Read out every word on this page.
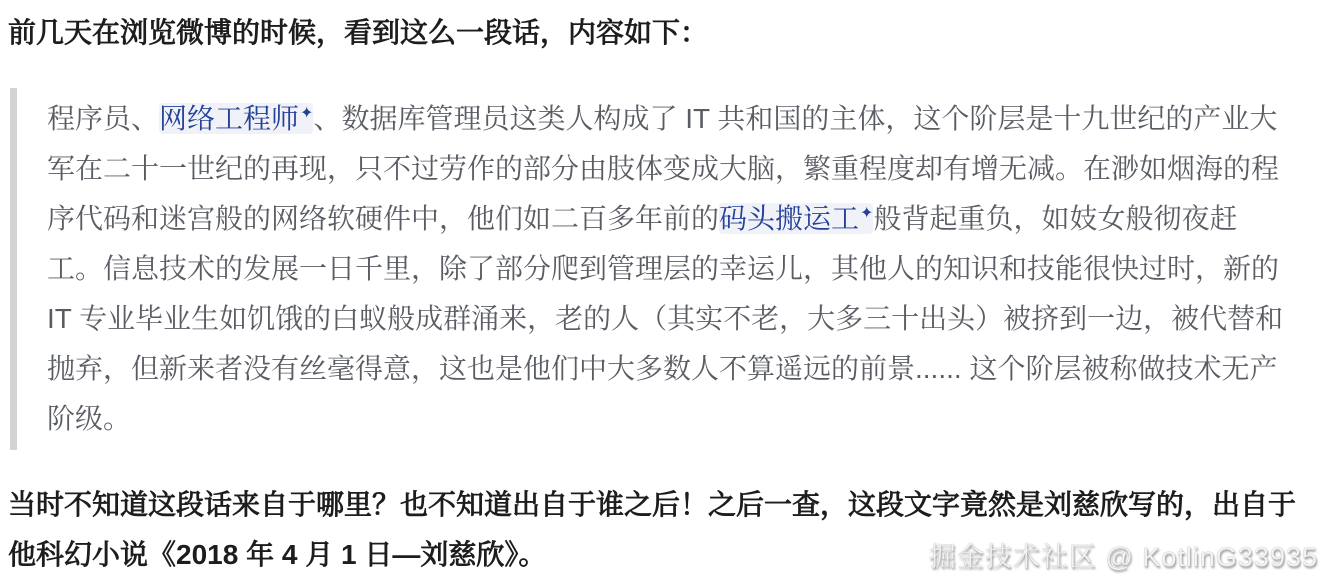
前几天在浏览微博的时候，看到这么一段话，内容如下：

程序员、网络工程师✦、数据库管理员这类人构成了 IT 共和国的主体，这个阶层是十九世纪的产业大军在二十一世纪的再现，只不过劳作的部分由肢体变成大脑，繁重程度却有增无减。在渺如烟海的程序代码和迷宫般的网络软硬件中，他们如二百多年前的码头搬运工✦般背起重负，如妓女般彻夜赶工。信息技术的发展一日千里，除了部分爬到管理层的幸运儿，其他人的知识和技能很快过时，新的 IT 专业毕业生如饥饿的白蚁般成群涌来，老的人（其实不老，大多三十出头）被挤到一边，被代替和抛弃，但新来者没有丝毫得意，这也是他们中大多数人不算遥远的前景...... 这个阶层被称做技术无产阶级。

当时不知道这段话来自于哪里？也不知道出自于谁之后！之后一查，这段文字竟然是刘慈欣写的，出自于他科幻小说《2018 年 4 月 1 日—刘慈欣》。	掘金技术社区 @ KotlinG33935
